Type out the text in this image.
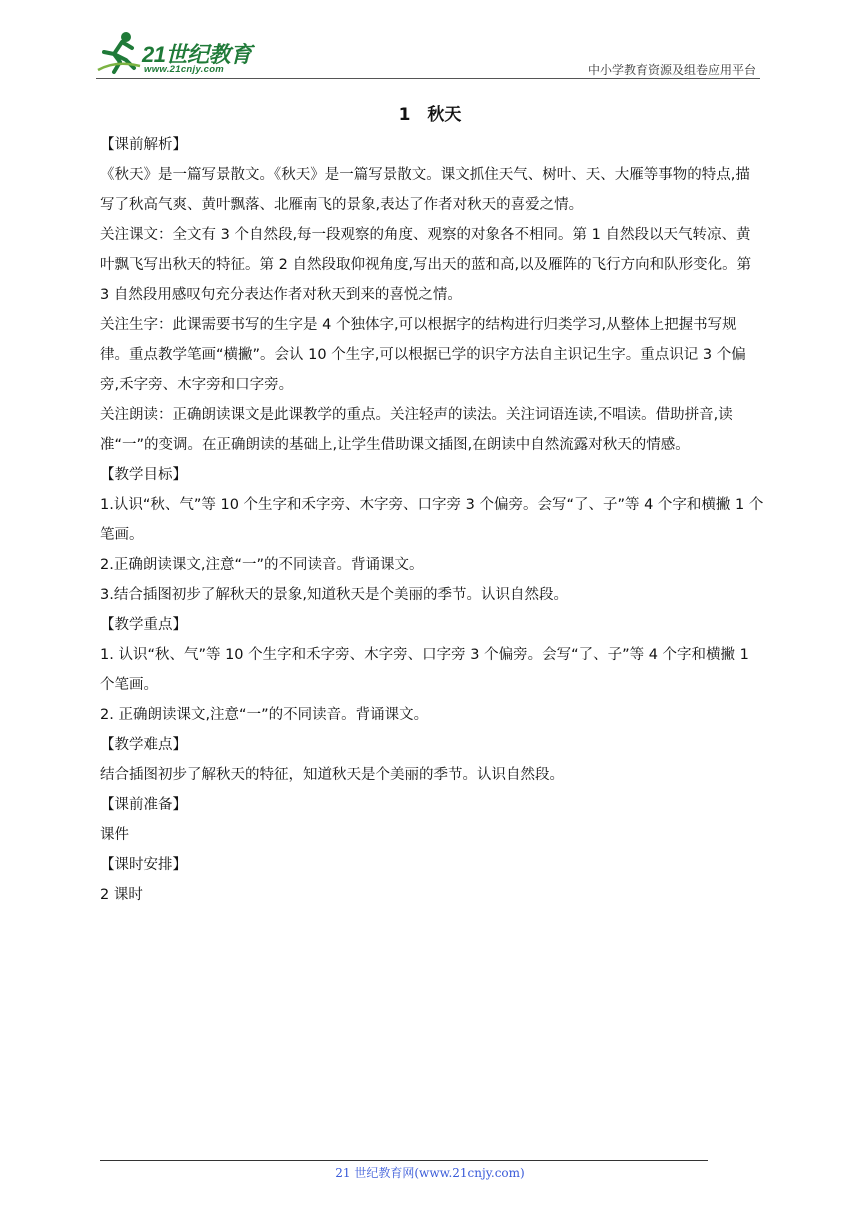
21世纪教育
www.21cnjy.com	中小学教育资源及组卷应用平台
1　秋天

【课前解析】

《秋天》是一篇写景散文。《秋天》是一篇写景散文。课文抓住天气、树叶、天、大雁等事物的特点,描写了秋高气爽、黄叶飘落、北雁南飞的景象,表达了作者对秋天的喜爱之情。

关注课文：全文有 3 个自然段,每一段观察的角度、观察的对象各不相同。第 1 自然段以天气转凉、黄叶飘飞写出秋天的特征。第 2 自然段取仰视角度,写出天的蓝和高,以及雁阵的飞行方向和队形变化。第 3 自然段用感叹句充分表达作者对秋天到来的喜悦之情。

关注生字：此课需要书写的生字是 4 个独体字,可以根据字的结构进行归类学习,从整体上把握书写规律。重点教学笔画“横撇”。会认 10 个生字,可以根据已学的识字方法自主识记生字。重点识记 3 个偏旁,禾字旁、木字旁和口字旁。

关注朗读：正确朗读课文是此课教学的重点。关注轻声的读法。关注词语连读,不唱读。借助拼音,读准“一”的变调。在正确朗读的基础上,让学生借助课文插图,在朗读中自然流露对秋天的情感。

【教学目标】

1.认识“秋、气”等 10 个生字和禾字旁、木字旁、口字旁 3 个偏旁。会写“了、子”等 4 个字和横撇 1 个笔画。

2.正确朗读课文,注意“一”的不同读音。背诵课文。

3.结合插图初步了解秋天的景象,知道秋天是个美丽的季节。认识自然段。

【教学重点】

1. 认识“秋、气”等 10 个生字和禾字旁、木字旁、口字旁 3 个偏旁。会写“了、子”等 4 个字和横撇 1 个笔画。

2. 正确朗读课文,注意“一”的不同读音。背诵课文。

【教学难点】

结合插图初步了解秋天的特征，知道秋天是个美丽的季节。认识自然段。

【课前准备】

课件

【课时安排】

2 课时

21 世纪教育网(www.21cnjy.com)
